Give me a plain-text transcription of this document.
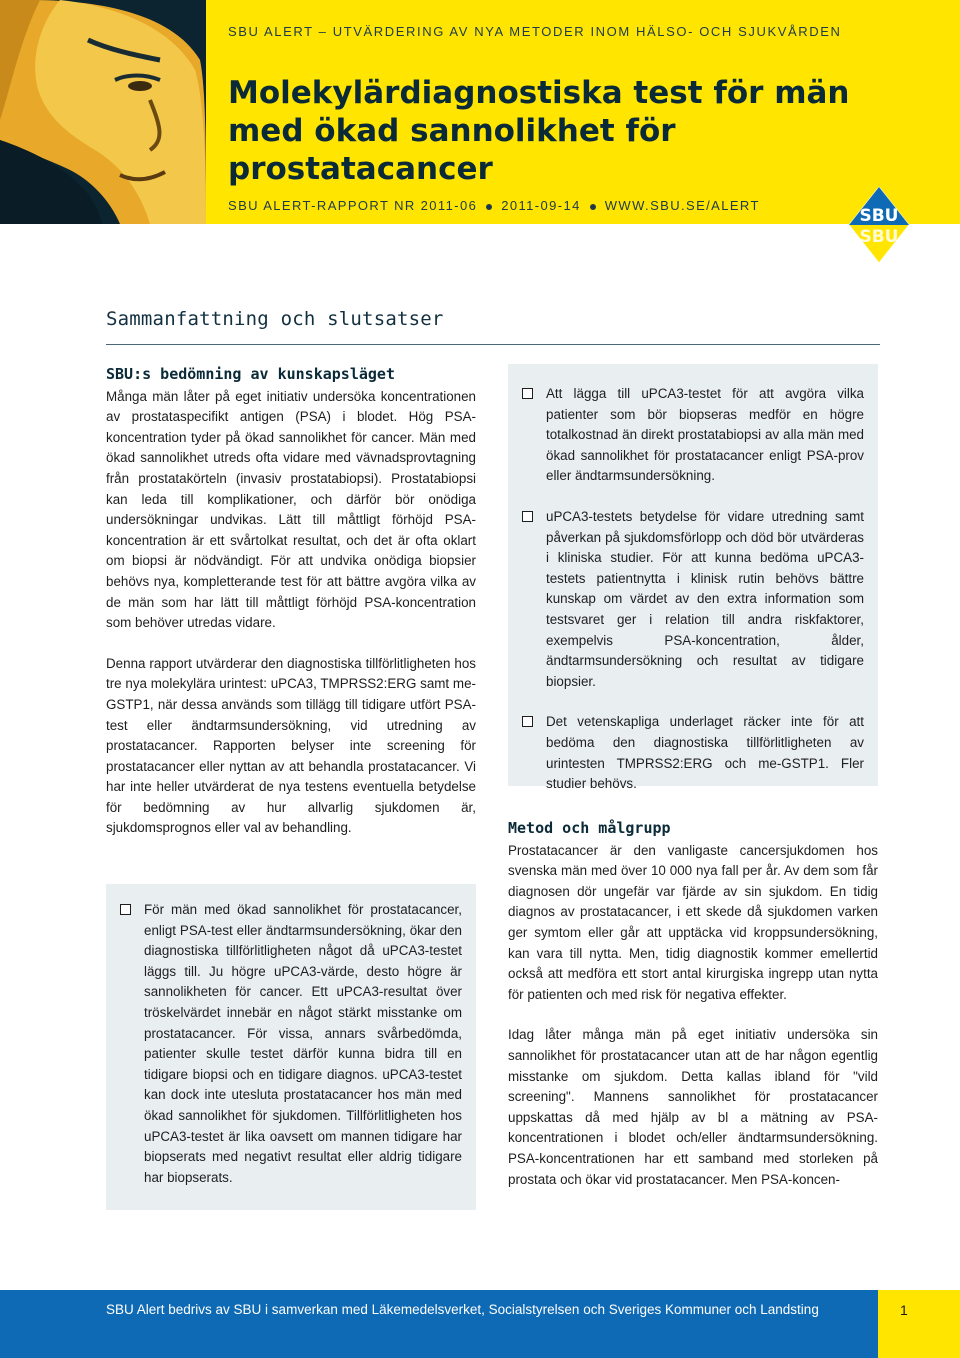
SBU ALERT – UTVÄRDERING AV NYA METODER INOM HÄLSO- OCH SJUKVÅRDEN
Molekylärdiagnostiska test för män med ökad sannolikhet för prostatacancer
SBU ALERT-RAPPORT NR 2011-06 2011-09-14 WWW.SBU.SE/ALERT
SBU
SBU
Sammanfattning och slutsatser
SBU:s bedömning av kunskapsläget

Många män låter på eget initiativ undersöka koncentrationen av prostataspecifikt antigen (PSA) i blodet. Hög PSA-koncentration tyder på ökad sannolikhet för cancer. Män med ökad sannolikhet utreds ofta vidare med vävnadsprovtagning från prostatakörteln (invasiv prostatabiopsi). Prostatabiopsi kan leda till komplikationer, och därför bör onödiga undersökningar undvikas. Lätt till måttligt förhöjd PSA-koncentration är ett svårtolkat resultat, och det är ofta oklart om biopsi är nödvändigt. För att undvika onödiga biopsier behövs nya, kompletterande test för att bättre avgöra vilka av de män som har lätt till måttligt förhöjd PSA-koncentration som behöver utredas vidare.

Denna rapport utvärderar den diagnostiska tillförlitligheten hos tre nya molekylära urintest: uPCA3, TMPRSS2:ERG samt me-GSTP1, när dessa används som tillägg till tidigare utfört PSA-test eller ändtarmsundersökning, vid utredning av prostatacancer. Rapporten belyser inte screening för prostatacancer eller nyttan av att behandla prostatacancer. Vi har inte heller utvärderat de nya testens eventuella betydelse för bedömning av hur allvarlig sjukdomen är, sjukdomsprognos eller val av behandling.

För män med ökad sannolikhet för prostatacancer, enligt PSA-test eller ändtarmsundersökning, ökar den diagnostiska tillförlitligheten något då uPCA3-testet läggs till. Ju högre uPCA3-värde, desto högre är sannolikheten för cancer. Ett uPCA3-resultat över tröskelvärdet innebär en något stärkt misstanke om prostatacancer. För vissa, annars svårbedömda, patienter skulle testet därför kunna bidra till en tidigare biopsi och en tidigare diagnos. uPCA3-testet kan dock inte utesluta prostatacancer hos män med ökad sannolikhet för sjukdomen. Tillförlitligheten hos uPCA3-testet är lika oavsett om mannen tidigare har biopserats med negativt resultat eller aldrig tidigare har biopserats.
Att lägga till uPCA3-testet för att avgöra vilka patienter som bör biopseras medför en högre totalkostnad än direkt prostatabiopsi av alla män med ökad sannolikhet för prostatacancer enligt PSA-prov eller ändtarmsundersökning.
uPCA3-testets betydelse för vidare utredning samt påverkan på sjukdomsförlopp och död bör utvärderas i kliniska studier. För att kunna bedöma uPCA3-testets patientnytta i klinisk rutin behövs bättre kunskap om värdet av den extra information som testsvaret ger i relation till andra riskfaktorer, exempelvis PSA-koncentration, ålder, ändtarmsundersökning och resultat av tidigare biopsier.
Det vetenskapliga underlaget räcker inte för att bedöma den diagnostiska tillförlitligheten av urintesten TMPRSS2:ERG och me-GSTP1. Fler studier behövs.
Metod och målgrupp

Prostatacancer är den vanligaste cancersjukdomen hos svenska män med över 10 000 nya fall per år. Av dem som får diagnosen dör ungefär var fjärde av sin sjukdom. En tidig diagnos av prostatacancer, i ett skede då sjukdomen varken ger symtom eller går att upptäcka vid kroppsundersökning, kan vara till nytta. Men, tidig diagnostik kommer emellertid också att medföra ett stort antal kirurgiska ingrepp utan nytta för patienten och med risk för negativa effekter.

Idag låter många män på eget initiativ undersöka sin sannolikhet för prostatacancer utan att de har någon egentlig misstanke om sjukdom. Detta kallas ibland för "vild screening". Mannens sannolikhet för prostatacancer uppskattas då med hjälp av bl a mätning av PSA-koncentrationen i blodet och/eller ändtarmsundersökning. PSA-koncentrationen har ett samband med storleken på prostata och ökar vid prostatacancer. Men PSA-koncen-

SBU Alert bedrivs av SBU i samverkan med Läkemedelsverket, Socialstyrelsen och Sveriges Kommuner och Landsting	1
